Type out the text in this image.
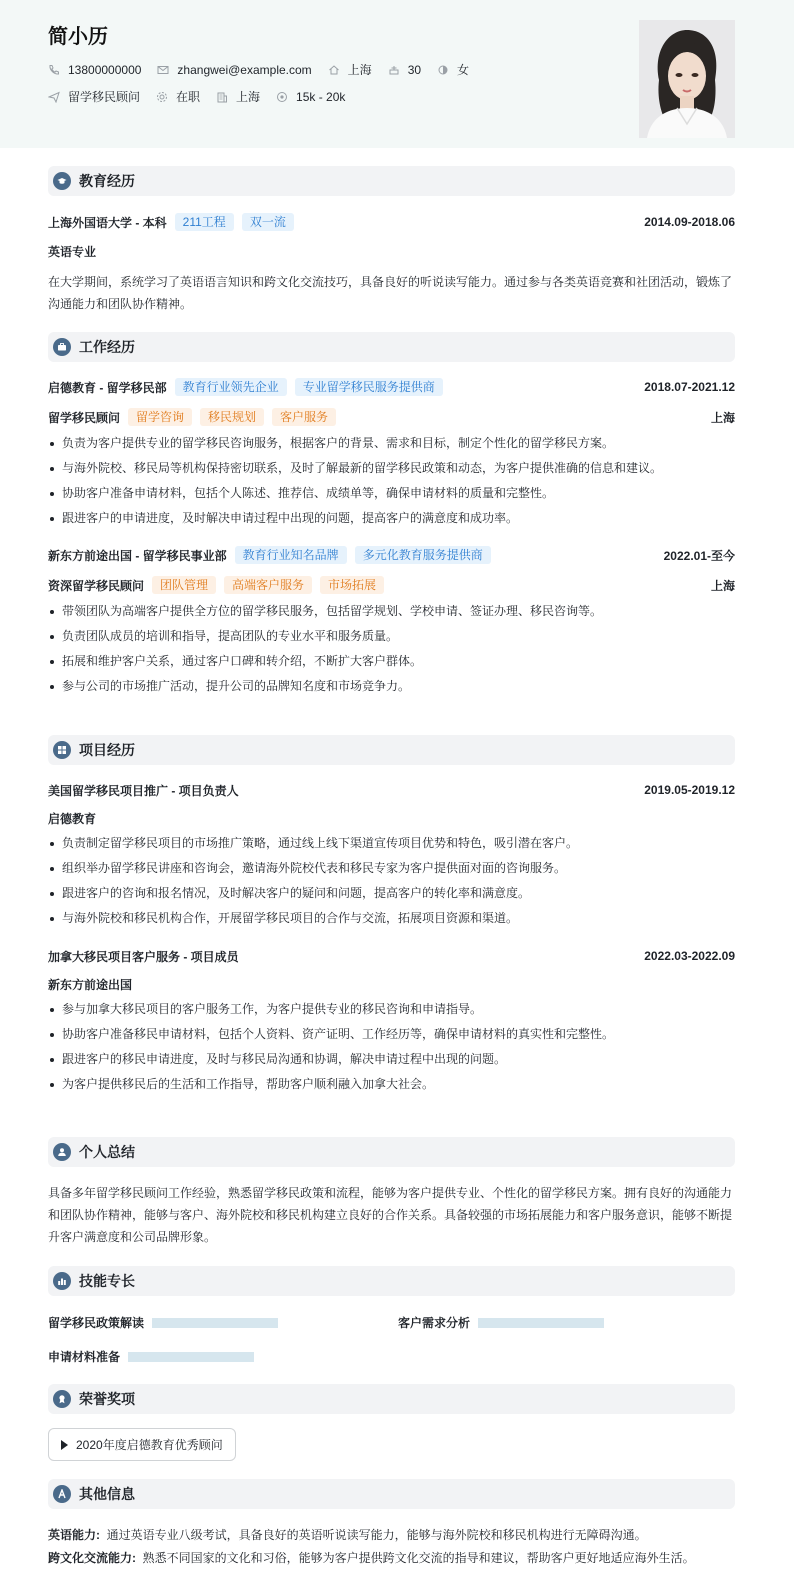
简小历
13800000000	zhangwei@example.com	上海	30	女
留学移民顾问	在职	上海	15k - 20k
教育经历
上海外国语大学 - 本科	211工程	双一流	2014.09-2018.06
英语专业
在大学期间，系统学习了英语语言知识和跨文化交流技巧，具备良好的听说读写能力。通过参与各类英语竞赛和社团活动，锻炼了沟通能力和团队协作精神。
工作经历
启德教育 - 留学移民部	教育行业领先企业	专业留学移民服务提供商	2018.07-2021.12
留学移民顾问	留学咨询	移民规划	客户服务	上海
负责为客户提供专业的留学移民咨询服务，根据客户的背景、需求和目标，制定个性化的留学移民方案。
与海外院校、移民局等机构保持密切联系，及时了解最新的留学移民政策和动态，为客户提供准确的信息和建议。
协助客户准备申请材料，包括个人陈述、推荐信、成绩单等，确保申请材料的质量和完整性。
跟进客户的申请进度，及时解决申请过程中出现的问题，提高客户的满意度和成功率。
新东方前途出国 - 留学移民事业部	教育行业知名品牌	多元化教育服务提供商	2022.01-至今
资深留学移民顾问	团队管理	高端客户服务	市场拓展	上海
带领团队为高端客户提供全方位的留学移民服务，包括留学规划、学校申请、签证办理、移民咨询等。
负责团队成员的培训和指导，提高团队的专业水平和服务质量。
拓展和维护客户关系，通过客户口碑和转介绍，不断扩大客户群体。
参与公司的市场推广活动，提升公司的品牌知名度和市场竞争力。
项目经历
美国留学移民项目推广 - 项目负责人	2019.05-2019.12
启德教育
负责制定留学移民项目的市场推广策略，通过线上线下渠道宣传项目优势和特色，吸引潜在客户。
组织举办留学移民讲座和咨询会，邀请海外院校代表和移民专家为客户提供面对面的咨询服务。
跟进客户的咨询和报名情况，及时解决客户的疑问和问题，提高客户的转化率和满意度。
与海外院校和移民机构合作，开展留学移民项目的合作与交流，拓展项目资源和渠道。
加拿大移民项目客户服务 - 项目成员	2022.03-2022.09
新东方前途出国
参与加拿大移民项目的客户服务工作，为客户提供专业的移民咨询和申请指导。
协助客户准备移民申请材料，包括个人资料、资产证明、工作经历等，确保申请材料的真实性和完整性。
跟进客户的移民申请进度，及时与移民局沟通和协调，解决申请过程中出现的问题。
为客户提供移民后的生活和工作指导，帮助客户顺利融入加拿大社会。
个人总结
具备多年留学移民顾问工作经验，熟悉留学移民政策和流程，能够为客户提供专业、个性化的留学移民方案。拥有良好的沟通能力和团队协作精神，能够与客户、海外院校和移民机构建立良好的合作关系。具备较强的市场拓展能力和客户服务意识，能够不断提升客户满意度和公司品牌形象。
技能专长
留学移民政策解读	客户需求分析
申请材料准备
荣誉奖项
2020年度启德教育优秀顾问
其他信息
英语能力: 通过英语专业八级考试，具备良好的英语听说读写能力，能够与海外院校和移民机构进行无障碍沟通。
跨文化交流能力: 熟悉不同国家的文化和习俗，能够为客户提供跨文化交流的指导和建议，帮助客户更好地适应海外生活。
